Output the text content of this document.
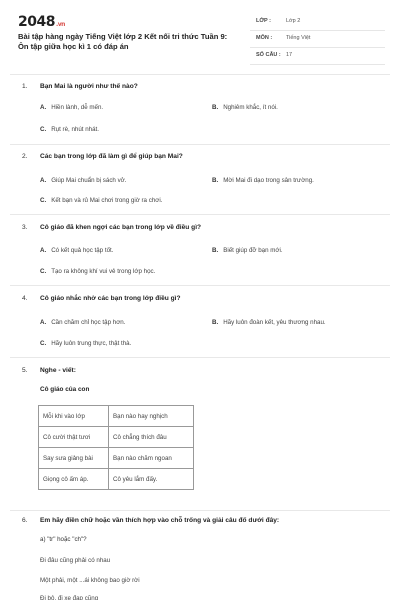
2048.vn
Bài tập hàng ngày Tiếng Việt lớp 2 Kết nối tri thức Tuần 9: Ôn tập giữa học kì 1 có đáp án
LỚP :	Lớp 2
MÔN :	Tiếng Việt
SỐ CÂU : 17
1. Bạn Mai là người như thế nào?
A. Hiền lành, dễ mến.	B. Nghiêm khắc, ít nói.
C. Rụt rè, nhút nhát.
2. Các bạn trong lớp đã làm gì để giúp bạn Mai?
A. Giúp Mai chuẩn bị sách vở.	B. Mời Mai đi dạo trong sân trường.
C. Kết bạn và rủ Mai chơi trong giờ ra chơi.
3. Cô giáo đã khen ngợi các bạn trong lớp về điều gì?
A. Có kết quả học tập tốt.	B. Biết giúp đỡ bạn mới.
C. Tạo ra không khí vui vẻ trong lớp học.
4. Cô giáo nhắc nhở các bạn trong lớp điều gì?
A. Cần chăm chỉ học tập hơn.	B. Hãy luôn đoàn kết, yêu thương nhau.
C. Hãy luôn trung thực, thật thà.
5. Nghe - viết:
Cô giáo của con
Mỗi khi vào lớp	Bạn nào hay nghịch
Cô cười thật tươi	Cô chẳng thích đâu
Say sưa giảng bài	Bạn nào chăm ngoan
Giọng cô ấm áp.	Cô yêu lắm đấy.
6. Em hãy điền chữ hoặc vần thích hợp vào chỗ trống và giải câu đố dưới đây:
a) "tr" hoặc "ch"?
Đi đâu cũng phải có nhau
Một phải, một ...ái không bao giờ rời
Đi bộ, đi xe đạp cũng
